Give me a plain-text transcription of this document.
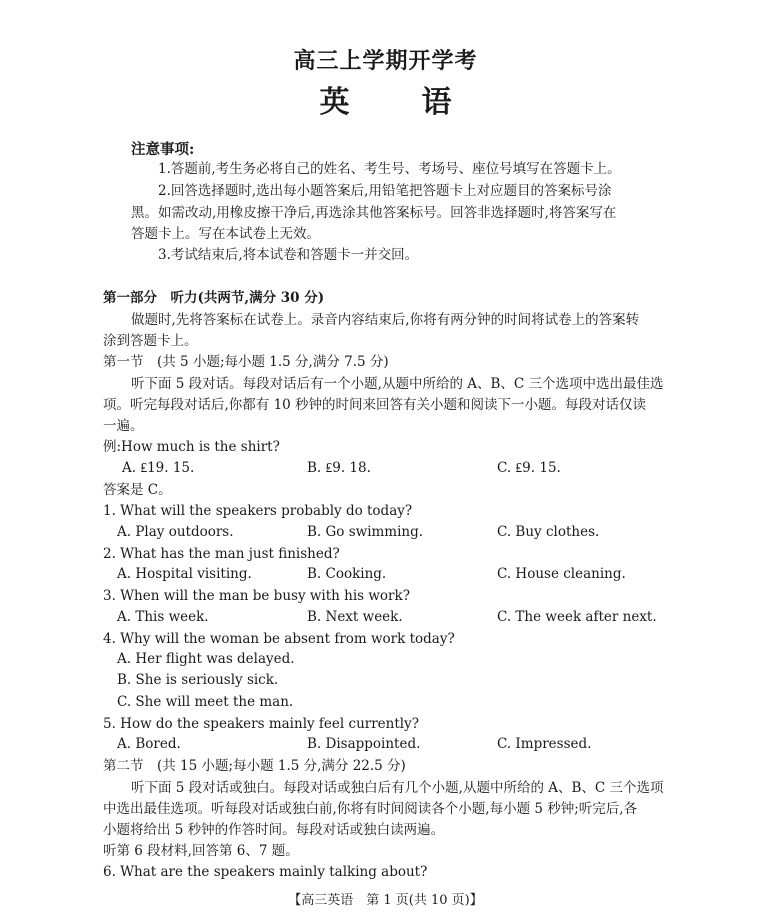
高三上学期开学考
英 语
注意事项:
1.答题前,考生务必将自己的姓名、考生号、考场号、座位号填写在答题卡上。
2.回答选择题时,选出每小题答案后,用铅笔把答题卡上对应题目的答案标号涂
黑。如需改动,用橡皮擦干净后,再选涂其他答案标号。回答非选择题时,将答案写在
答题卡上。写在本试卷上无效。
3.考试结束后,将本试卷和答题卡一并交回。
第一部分　听力(共两节,满分 30 分)
做题时,先将答案标在试卷上。录音内容结束后,你将有两分钟的时间将试卷上的答案转
涂到答题卡上。
第一节　(共 5 小题;每小题 1.5 分,满分 7.5 分)
听下面 5 段对话。每段对话后有一个小题,从题中所给的 A、B、C 三个选项中选出最佳选
项。听完每段对话后,你都有 10 秒钟的时间来回答有关小题和阅读下一小题。每段对话仅读
一遍。
例:How much is the shirt?
A. ₤19. 15.	B. ₤9. 18.	C. ₤9. 15.
答案是 C。
1. What will the speakers probably do today?
A. Play outdoors.	B. Go swimming.	C. Buy clothes.
2. What has the man just finished?
A. Hospital visiting.	B. Cooking.	C. House cleaning.
3. When will the man be busy with his work?
A. This week.	B. Next week.	C. The week after next.
4. Why will the woman be absent from work today?
A. Her flight was delayed.
B. She is seriously sick.
C. She will meet the man.
5. How do the speakers mainly feel currently?
A. Bored.	B. Disappointed.	C. Impressed.
第二节　(共 15 小题;每小题 1.5 分,满分 22.5 分)
听下面 5 段对话或独白。每段对话或独白后有几个小题,从题中所给的 A、B、C 三个选项
中选出最佳选项。听每段对话或独白前,你将有时间阅读各个小题,每小题 5 秒钟;听完后,各
小题将给出 5 秒钟的作答时间。每段对话或独白读两遍。
听第 6 段材料,回答第 6、7 题。
6. What are the speakers mainly talking about?
【高三英语　第 1 页(共 10 页)】
